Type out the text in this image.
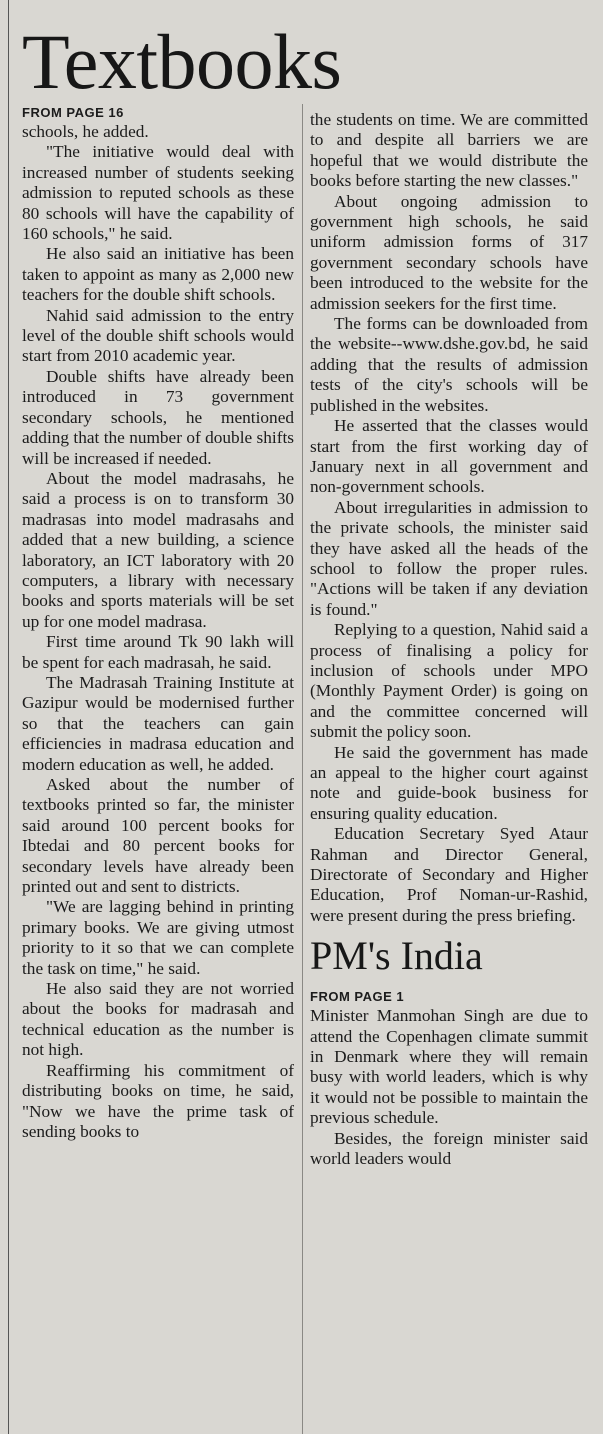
Textbooks
FROM PAGE 16

schools, he added.

"The initiative would deal with increased number of students seeking admission to reputed schools as these 80 schools will have the capability of 160 schools," he said.

He also said an initiative has been taken to appoint as many as 2,000 new teachers for the double shift schools.

Nahid said admission to the entry level of the double shift schools would start from 2010 academic year.

Double shifts have already been introduced in 73 government secondary schools, he mentioned adding that the number of double shifts will be increased if needed.

About the model madrasahs, he said a process is on to transform 30 madrasas into model madrasahs and added that a new building, a science laboratory, an ICT laboratory with 20 computers, a library with necessary books and sports materials will be set up for one model madrasa.

First time around Tk 90 lakh will be spent for each madrasah, he said.

The Madrasah Training Institute at Gazipur would be modernised further so that the teachers can gain efficiencies in madrasa education and modern education as well, he added.

Asked about the number of textbooks printed so far, the minister said around 100 percent books for Ibtedai and 80 percent books for secondary levels have already been printed out and sent to districts.

"We are lagging behind in printing primary books. We are giving utmost priority to it so that we can complete the task on time," he said.

He also said they are not worried about the books for madrasah and technical education as the number is not high.

Reaffirming his commitment of distributing books on time, he said, "Now we have the prime task of sending books to

the students on time. We are committed to and despite all barriers we are hopeful that we would distribute the books before starting the new classes."

About ongoing admission to government high schools, he said uniform admission forms of 317 government secondary schools have been introduced to the website for the admission seekers for the first time.

The forms can be downloaded from the website--www.dshe.gov.bd, he said adding that the results of admission tests of the city's schools will be published in the websites.

He asserted that the classes would start from the first working day of January next in all government and non-government schools.

About irregularities in admission to the private schools, the minister said they have asked all the heads of the school to follow the proper rules. "Actions will be taken if any deviation is found."

Replying to a question, Nahid said a process of finalising a policy for inclusion of schools under MPO (Monthly Payment Order) is going on and the committee concerned will submit the policy soon.

He said the government has made an appeal to the higher court against note and guide-book business for ensuring quality education.

Education Secretary Syed Ataur Rahman and Director General, Directorate of Secondary and Higher Education, Prof Noman-ur-Rashid, were present during the press briefing.

PM's India
FROM PAGE 1

Minister Manmohan Singh are due to attend the Copenhagen climate summit in Denmark where they will remain busy with world leaders, which is why it would not be possible to maintain the previous schedule.

Besides, the foreign minister said world leaders would
